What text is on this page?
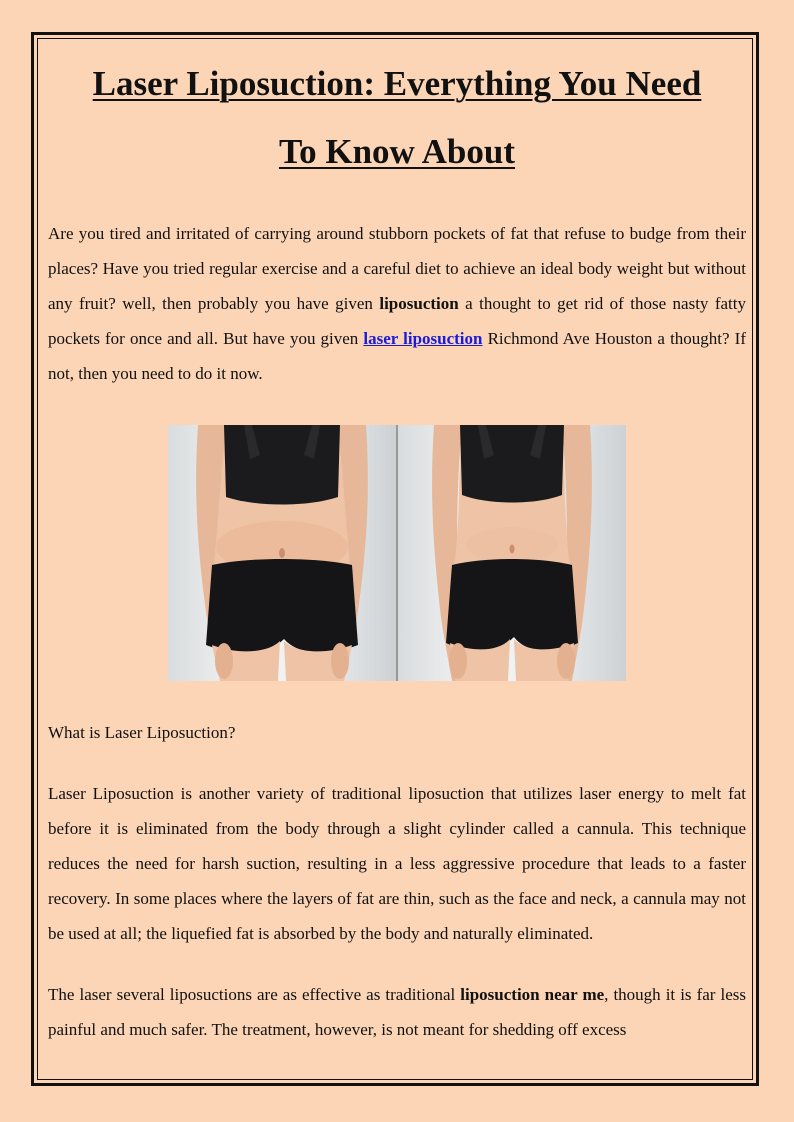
Laser Liposuction: Everything You Need
To Know About

Are you tired and irritated of carrying around stubborn pockets of fat that refuse to budge from their places? Have you tried regular exercise and a careful diet to achieve an ideal body weight but without any fruit? well, then probably you have given liposuction a thought to get rid of those nasty fatty pockets for once and all. But have you given laser liposuction Richmond Ave Houston a thought? If not, then you need to do it now.

What is Laser Liposuction?

Laser Liposuction is another variety of traditional liposuction that utilizes laser energy to melt fat before it is eliminated from the body through a slight cylinder called a cannula. This technique reduces the need for harsh suction, resulting in a less aggressive procedure that leads to a faster recovery. In some places where the layers of fat are thin, such as the face and neck, a cannula may not be used at all; the liquefied fat is absorbed by the body and naturally eliminated.

The laser several liposuctions are as effective as traditional liposuction near me, though it is far less painful and much safer. The treatment, however, is not meant for shedding off excess
